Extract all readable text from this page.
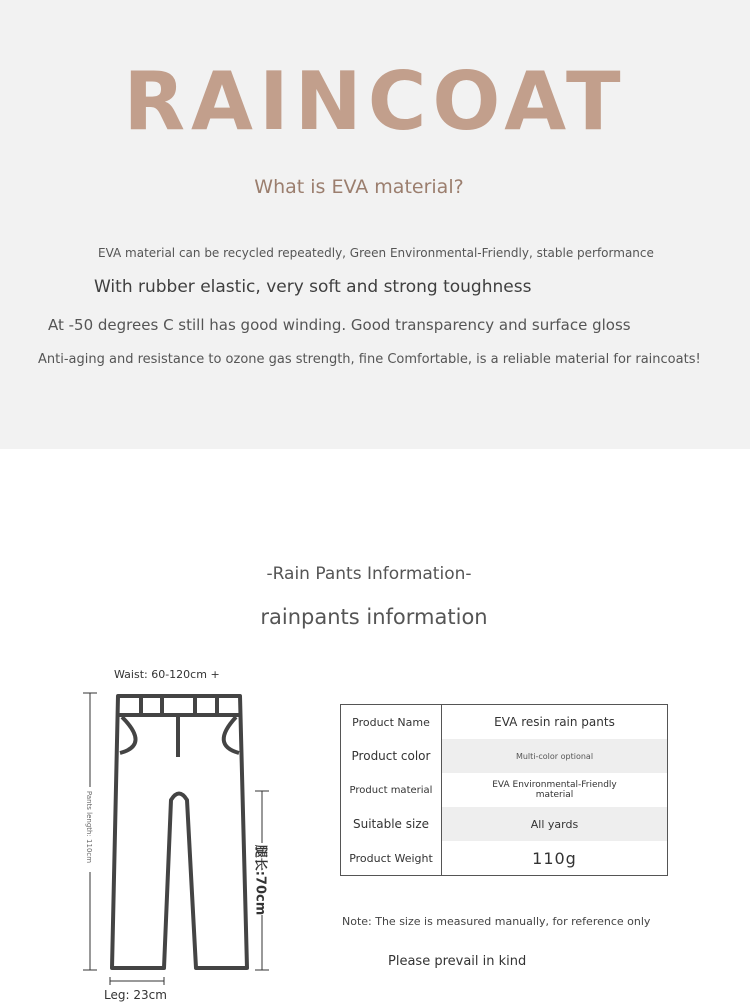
RAINCOAT
What is EVA material?
EVA material can be recycled repeatedly, Green Environmental-Friendly, stable performance
With rubber elastic, very soft and strong toughness
At -50 degrees C still has good winding. Good transparency and surface gloss
Anti-aging and resistance to ozone gas strength, fine Comfortable, is a reliable material for raincoats!
-Rain Pants Information-
rainpants information
Waist: 60-120cm +
Pants length: 110cm
腿长:70cm
Leg: 23cm
Product Name	EVA resin rain pants
Product color	Multi-color optional
Product material	EVA Environmental-Friendly material

Suitable size	All yards
Product Weight	110g
Note: The size is measured manually, for reference only
Please prevail in kind
